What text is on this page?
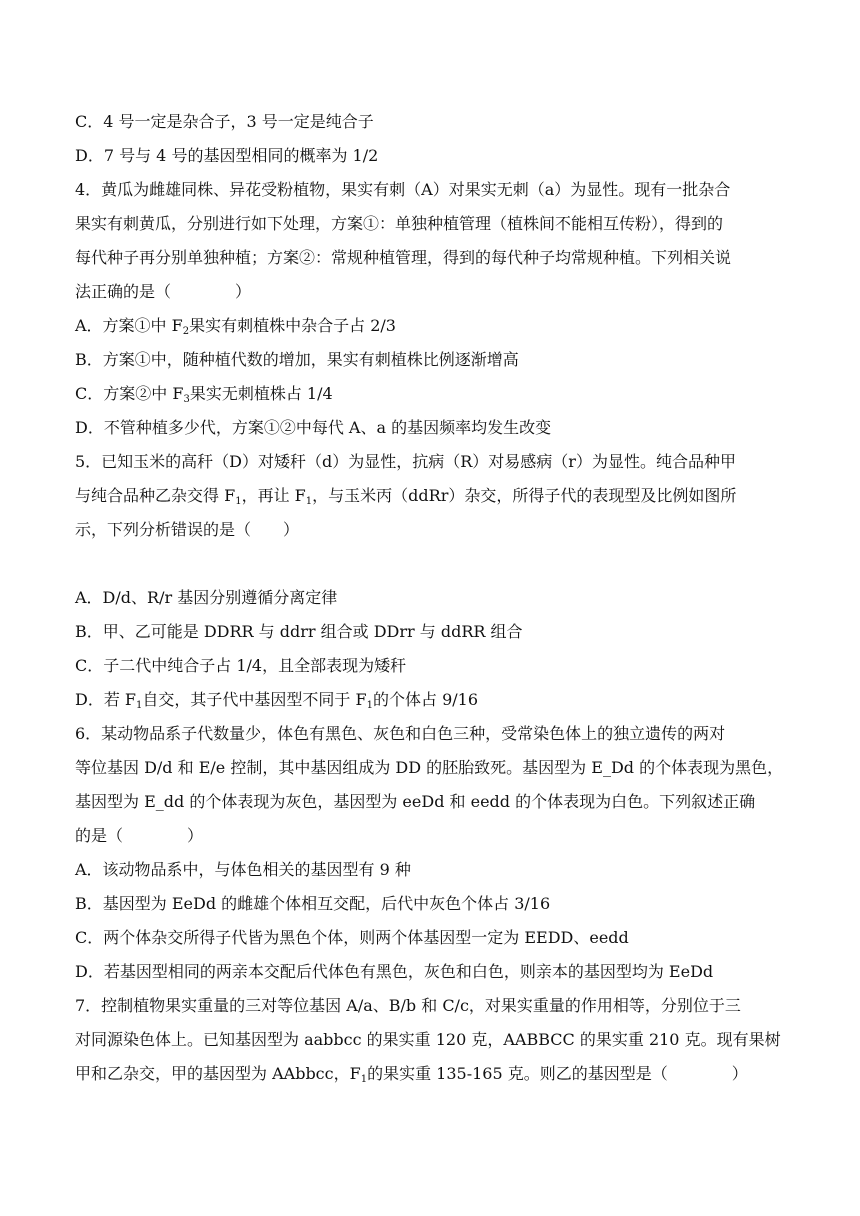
C．4 号一定是杂合子，3 号一定是纯合子
D．7 号与 4 号的基因型相同的概率为 1/2
4．黄瓜为雌雄同株、异花受粉植物，果实有刺（A）对果实无刺（a）为显性。现有一批杂合
果实有刺黄瓜，分别进行如下处理，方案①：单独种植管理（植株间不能相互传粉），得到的
每代种子再分别单独种植；方案②：常规种植管理，得到的每代种子均常规种植。下列相关说
法正确的是（　　　　）
A．方案①中 $F_2$果实有刺植株中杂合子占 2/3
B．方案①中，随种植代数的增加，果实有刺植株比例逐渐增高
C．方案②中 $F_3$果实无刺植株占 1/4
D．不管种植多少代，方案①②中每代 A、a 的基因频率均发生改变
5．已知玉米的高秆（D）对矮秆（d）为显性，抗病（R）对易感病（r）为显性。纯合品种甲
与纯合品种乙杂交得 $F_1$，再让 $F_1$，与玉米丙（ddRr）杂交，所得子代的表现型及比例如图所
示，下列分析错误的是（　　）
A．D/d、R/r 基因分别遵循分离定律
B．甲、乙可能是 DDRR 与 ddrr 组合或 DDrr 与 ddRR 组合
C．子二代中纯合子占 1/4，且全部表现为矮秆
D．若 $F_1$自交，其子代中基因型不同于 $F_1$的个体占 9/16
6．某动物品系子代数量少，体色有黑色、灰色和白色三种，受常染色体上的独立遗传的两对
等位基因 D/d 和 E/e 控制，其中基因组成为 DD 的胚胎致死。基因型为 E_Dd 的个体表现为黑色，
基因型为 E_dd 的个体表现为灰色，基因型为 eeDd 和 eedd 的个体表现为白色。下列叙述正确
的是（　　　　）
A．该动物品系中，与体色相关的基因型有 9 种
B．基因型为 EeDd 的雌雄个体相互交配，后代中灰色个体占 3/16
C．两个体杂交所得子代皆为黑色个体，则两个体基因型一定为 EEDD、eedd
D．若基因型相同的两亲本交配后代体色有黑色，灰色和白色，则亲本的基因型均为 EeDd
7．控制植物果实重量的三对等位基因 A/a、B/b 和 C/c，对果实重量的作用相等，分别位于三
对同源染色体上。已知基因型为 aabbcc 的果实重 120 克，AABBCC 的果实重 210 克。现有果树
甲和乙杂交，甲的基因型为 AAbbcc，$F_1$的果实重 135-165 克。则乙的基因型是（　　　　）
